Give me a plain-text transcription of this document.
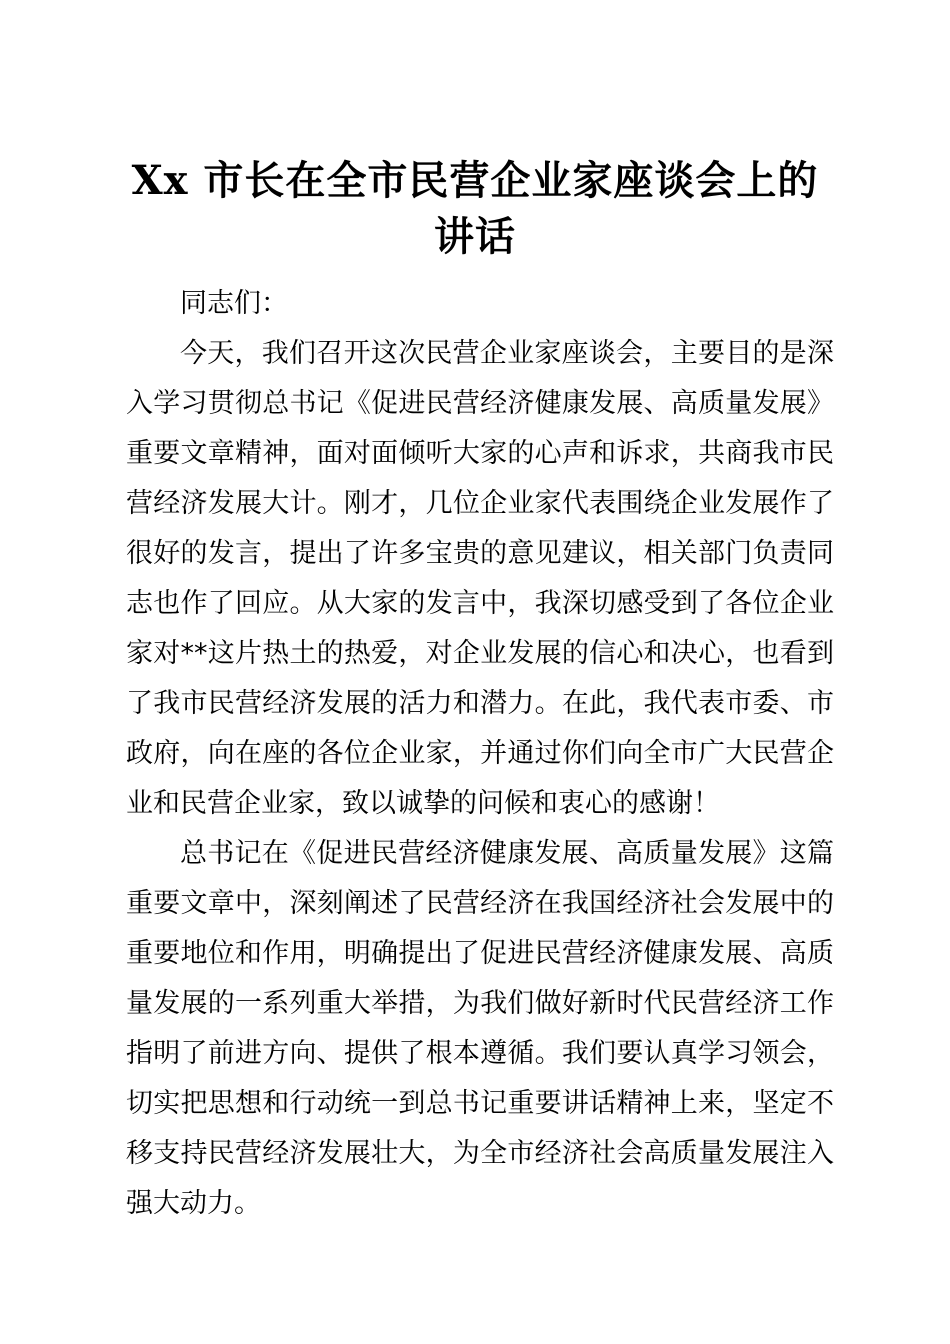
Xx 市长在全市民营企业家座谈会上的
讲话

同志们：

今天，我们召开这次民营企业家座谈会，主要目的是深入学习贯彻总书记《促进民营经济健康发展、高质量发展》重要文章精神，面对面倾听大家的心声和诉求，共商我市民营经济发展大计。刚才，几位企业家代表围绕企业发展作了很好的发言，提出了许多宝贵的意见建议，相关部门负责同志也作了回应。从大家的发言中，我深切感受到了各位企业家对**这片热土的热爱，对企业发展的信心和决心，也看到了我市民营经济发展的活力和潜力。在此，我代表市委、市政府，向在座的各位企业家，并通过你们向全市广大民营企业和民营企业家，致以诚挚的问候和衷心的感谢！

总书记在《促进民营经济健康发展、高质量发展》这篇重要文章中，深刻阐述了民营经济在我国经济社会发展中的重要地位和作用，明确提出了促进民营经济健康发展、高质量发展的一系列重大举措，为我们做好新时代民营经济工作指明了前进方向、提供了根本遵循。我们要认真学习领会，切实把思想和行动统一到总书记重要讲话精神上来，坚定不移支持民营经济发展壮大，为全市经济社会高质量发展注入强大动力。
